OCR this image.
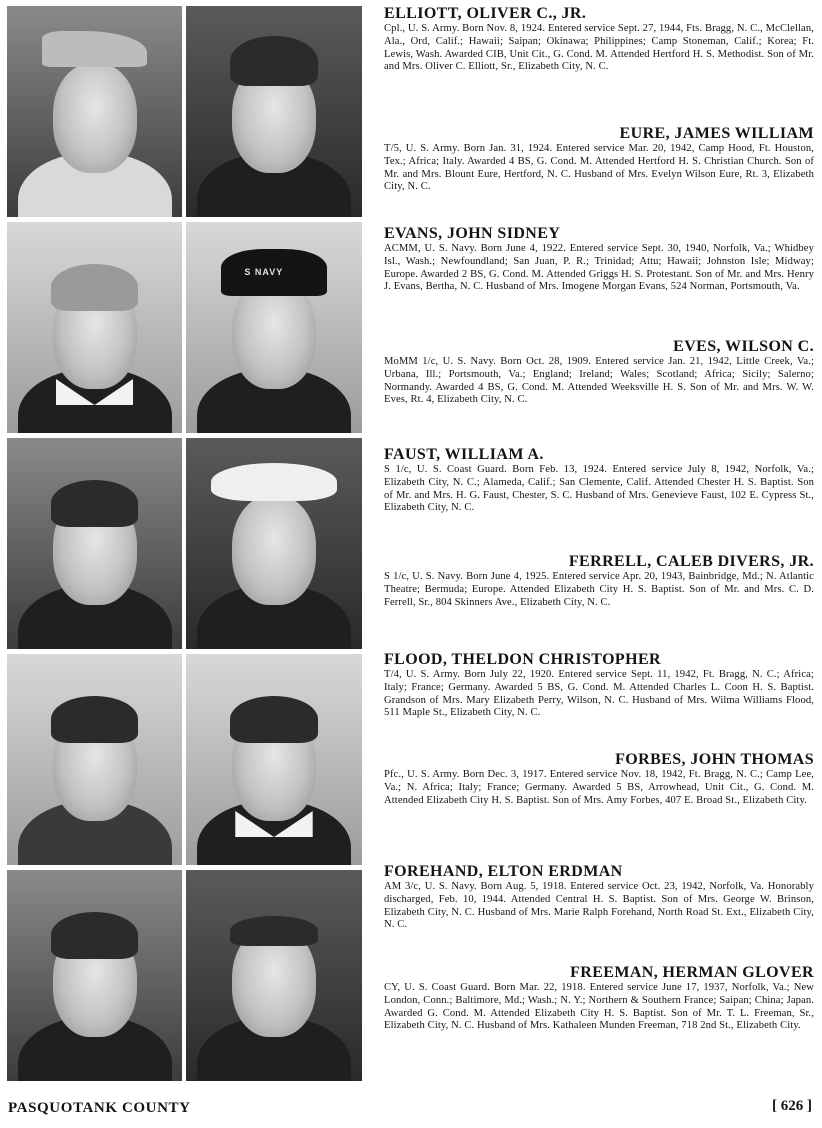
S NAVY

ELLIOTT, OLIVER C., JR.

Cpl., U. S. Army. Born Nov. 8, 1924. Entered service Sept. 27, 1944, Fts. Bragg, N. C., McClellan, Ala., Ord, Calif.; Hawaii; Saipan; Okinawa; Philippines; Camp Stoneman, Calif.; Korea; Ft. Lewis, Wash. Awarded CIB, Unit Cit., G. Cond. M. Attended Hertford H. S. Methodist. Son of Mr. and Mrs. Oliver C. Elliott, Sr., Elizabeth City, N. C.

EURE, JAMES WILLIAM

T/5, U. S. Army. Born Jan. 31, 1924. Entered service Mar. 20, 1942, Camp Hood, Ft. Houston, Tex.; Africa; Italy. Awarded 4 BS, G. Cond. M. Attended Hertford H. S. Christian Church. Son of Mr. and Mrs. Blount Eure, Hertford, N. C. Husband of Mrs. Evelyn Wilson Eure, Rt. 3, Elizabeth City, N. C.

EVANS, JOHN SIDNEY

ACMM, U. S. Navy. Born June 4, 1922. Entered service Sept. 30, 1940, Norfolk, Va.; Whidbey Isl., Wash.; Newfoundland; San Juan, P. R.; Trinidad; Attu; Hawaii; Johnston Isle; Midway; Europe. Awarded 2 BS, G. Cond. M. Attended Griggs H. S. Protestant. Son of Mr. and Mrs. Henry J. Evans, Bertha, N. C. Husband of Mrs. Imogene Morgan Evans, 524 Norman, Portsmouth, Va.

EVES, WILSON C.

MoMM 1/c, U. S. Navy. Born Oct. 28, 1909. Entered service Jan. 21, 1942, Little Creek, Va.; Urbana, Ill.; Portsmouth, Va.; England; Ireland; Wales; Scotland; Africa; Sicily; Salerno; Normandy. Awarded 4 BS, G. Cond. M. Attended Weeksville H. S. Son of Mr. and Mrs. W. W. Eves, Rt. 4, Elizabeth City, N. C.

FAUST, WILLIAM A.

S 1/c, U. S. Coast Guard. Born Feb. 13, 1924. Entered service July 8, 1942, Norfolk, Va.; Elizabeth City, N. C.; Alameda, Calif.; San Clemente, Calif. Attended Chester H. S. Baptist. Son of Mr. and Mrs. H. G. Faust, Chester, S. C. Husband of Mrs. Genevieve Faust, 102 E. Cypress St., Elizabeth City, N. C.

FERRELL, CALEB DIVERS, JR.

S 1/c, U. S. Navy. Born June 4, 1925. Entered service Apr. 20, 1943, Bainbridge, Md.; N. Atlantic Theatre; Bermuda; Europe. Attended Elizabeth City H. S. Baptist. Son of Mr. and Mrs. C. D. Ferrell, Sr., 804 Skinners Ave., Elizabeth City, N. C.

FLOOD, THELDON CHRISTOPHER

T/4, U. S. Army. Born July 22, 1920. Entered service Sept. 11, 1942, Ft. Bragg, N. C.; Africa; Italy; France; Germany. Awarded 5 BS, G. Cond. M. Attended Charles L. Coon H. S. Baptist. Grandson of Mrs. Mary Elizabeth Perry, Wilson, N. C. Husband of Mrs. Wilma Williams Flood, 511 Maple St., Elizabeth City, N. C.

FORBES, JOHN THOMAS

Pfc., U. S. Army. Born Dec. 3, 1917. Entered service Nov. 18, 1942, Ft. Bragg, N. C.; Camp Lee, Va.; N. Africa; Italy; France; Germany. Awarded 5 BS, Arrowhead, Unit Cit., G. Cond. M. Attended Elizabeth City H. S. Baptist. Son of Mrs. Amy Forbes, 407 E. Broad St., Elizabeth City.

FOREHAND, ELTON ERDMAN

AM 3/c, U. S. Navy. Born Aug. 5, 1918. Entered service Oct. 23, 1942, Norfolk, Va. Honorably discharged, Feb. 10, 1944. Attended Central H. S. Baptist. Son of Mrs. George W. Brinson, Elizabeth City, N. C. Husband of Mrs. Marie Ralph Forehand, North Road St. Ext., Elizabeth City, N. C.

FREEMAN, HERMAN GLOVER

CY, U. S. Coast Guard. Born Mar. 22, 1918. Entered service June 17, 1937, Norfolk, Va.; New London, Conn.; Baltimore, Md.; Wash.; N. Y.; Northern & Southern France; Saipan; China; Japan. Awarded G. Cond. M. Attended Elizabeth City H. S. Baptist. Son of Mr. T. L. Freeman, Sr., Elizabeth City, N. C. Husband of Mrs. Kathaleen Munden Freeman, 718 2nd St., Elizabeth City.

PASQUOTANK COUNTY	[ 626 ]
